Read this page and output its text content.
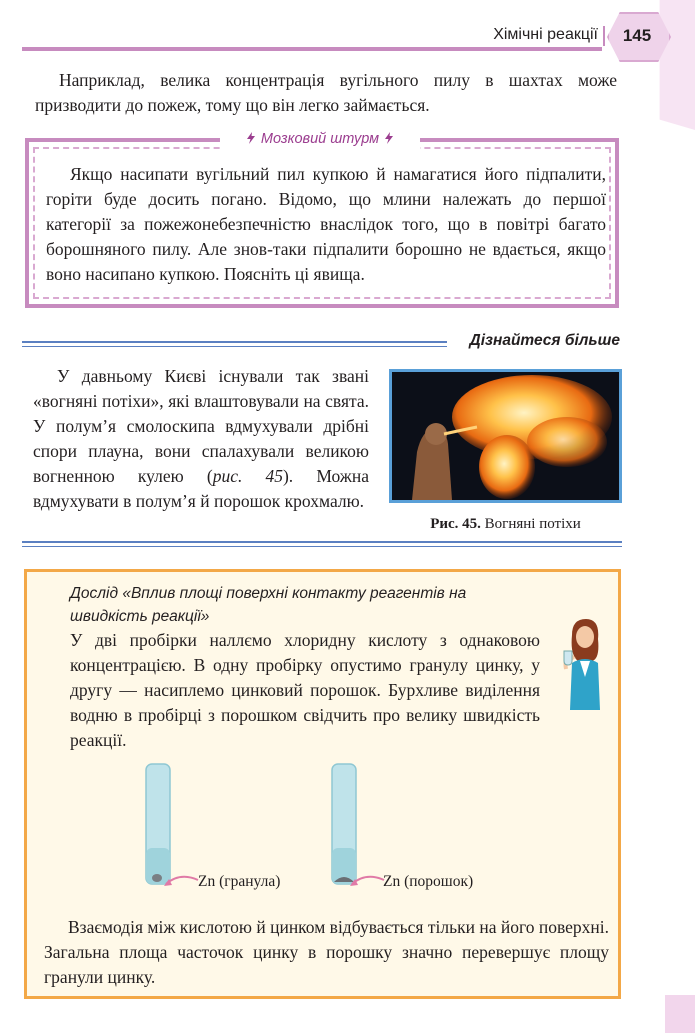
Хімічні реакції	145

Наприклад, велика концентрація вугільного пилу в шахтах може призводити до пожеж, тому що він легко займається.

Мозковий штурм

Якщо насипати вугільний пил купкою й намагатися його підпалити, горіти буде досить погано. Відомо, що млини належать до першої категорії за пожежонебезпечністю внаслідок того, що в повітрі багато борошняного пилу. Але знов-таки підпалити борошно не вдається, якщо воно насипано купкою. Поясніть ці явища.

Дізнайтеся більше

У давньому Києві існували так звані «вогняні потіхи», які влаштовували на свята. У полум’я смолоскипа вдмухували дрібні спори плауна, вони спалахували великою вогненною кулею (рис. 45). Можна вдмухувати в полум’я й порошок крохмалю.

Рис. 45. Вогняні потіхи
Дослід «Вплив площі поверхні контакту реагентів на швидкість реакції»

У дві пробірки наллємо хлоридну кислоту з однаковою концентрацією. В одну пробірку опустимо гранулу цинку, у другу — насиплемо цинковий порошок. Бурхливе виділення водню в пробірці з порошком свідчить про велику швидкість реакції.

Zn (гранула)	Zn (порошок)

Взаємодія між кислотою й цинком відбувається тільки на його поверхні. Загальна площа часточок цинку в порошку значно перевершує площу гранули цинку.
